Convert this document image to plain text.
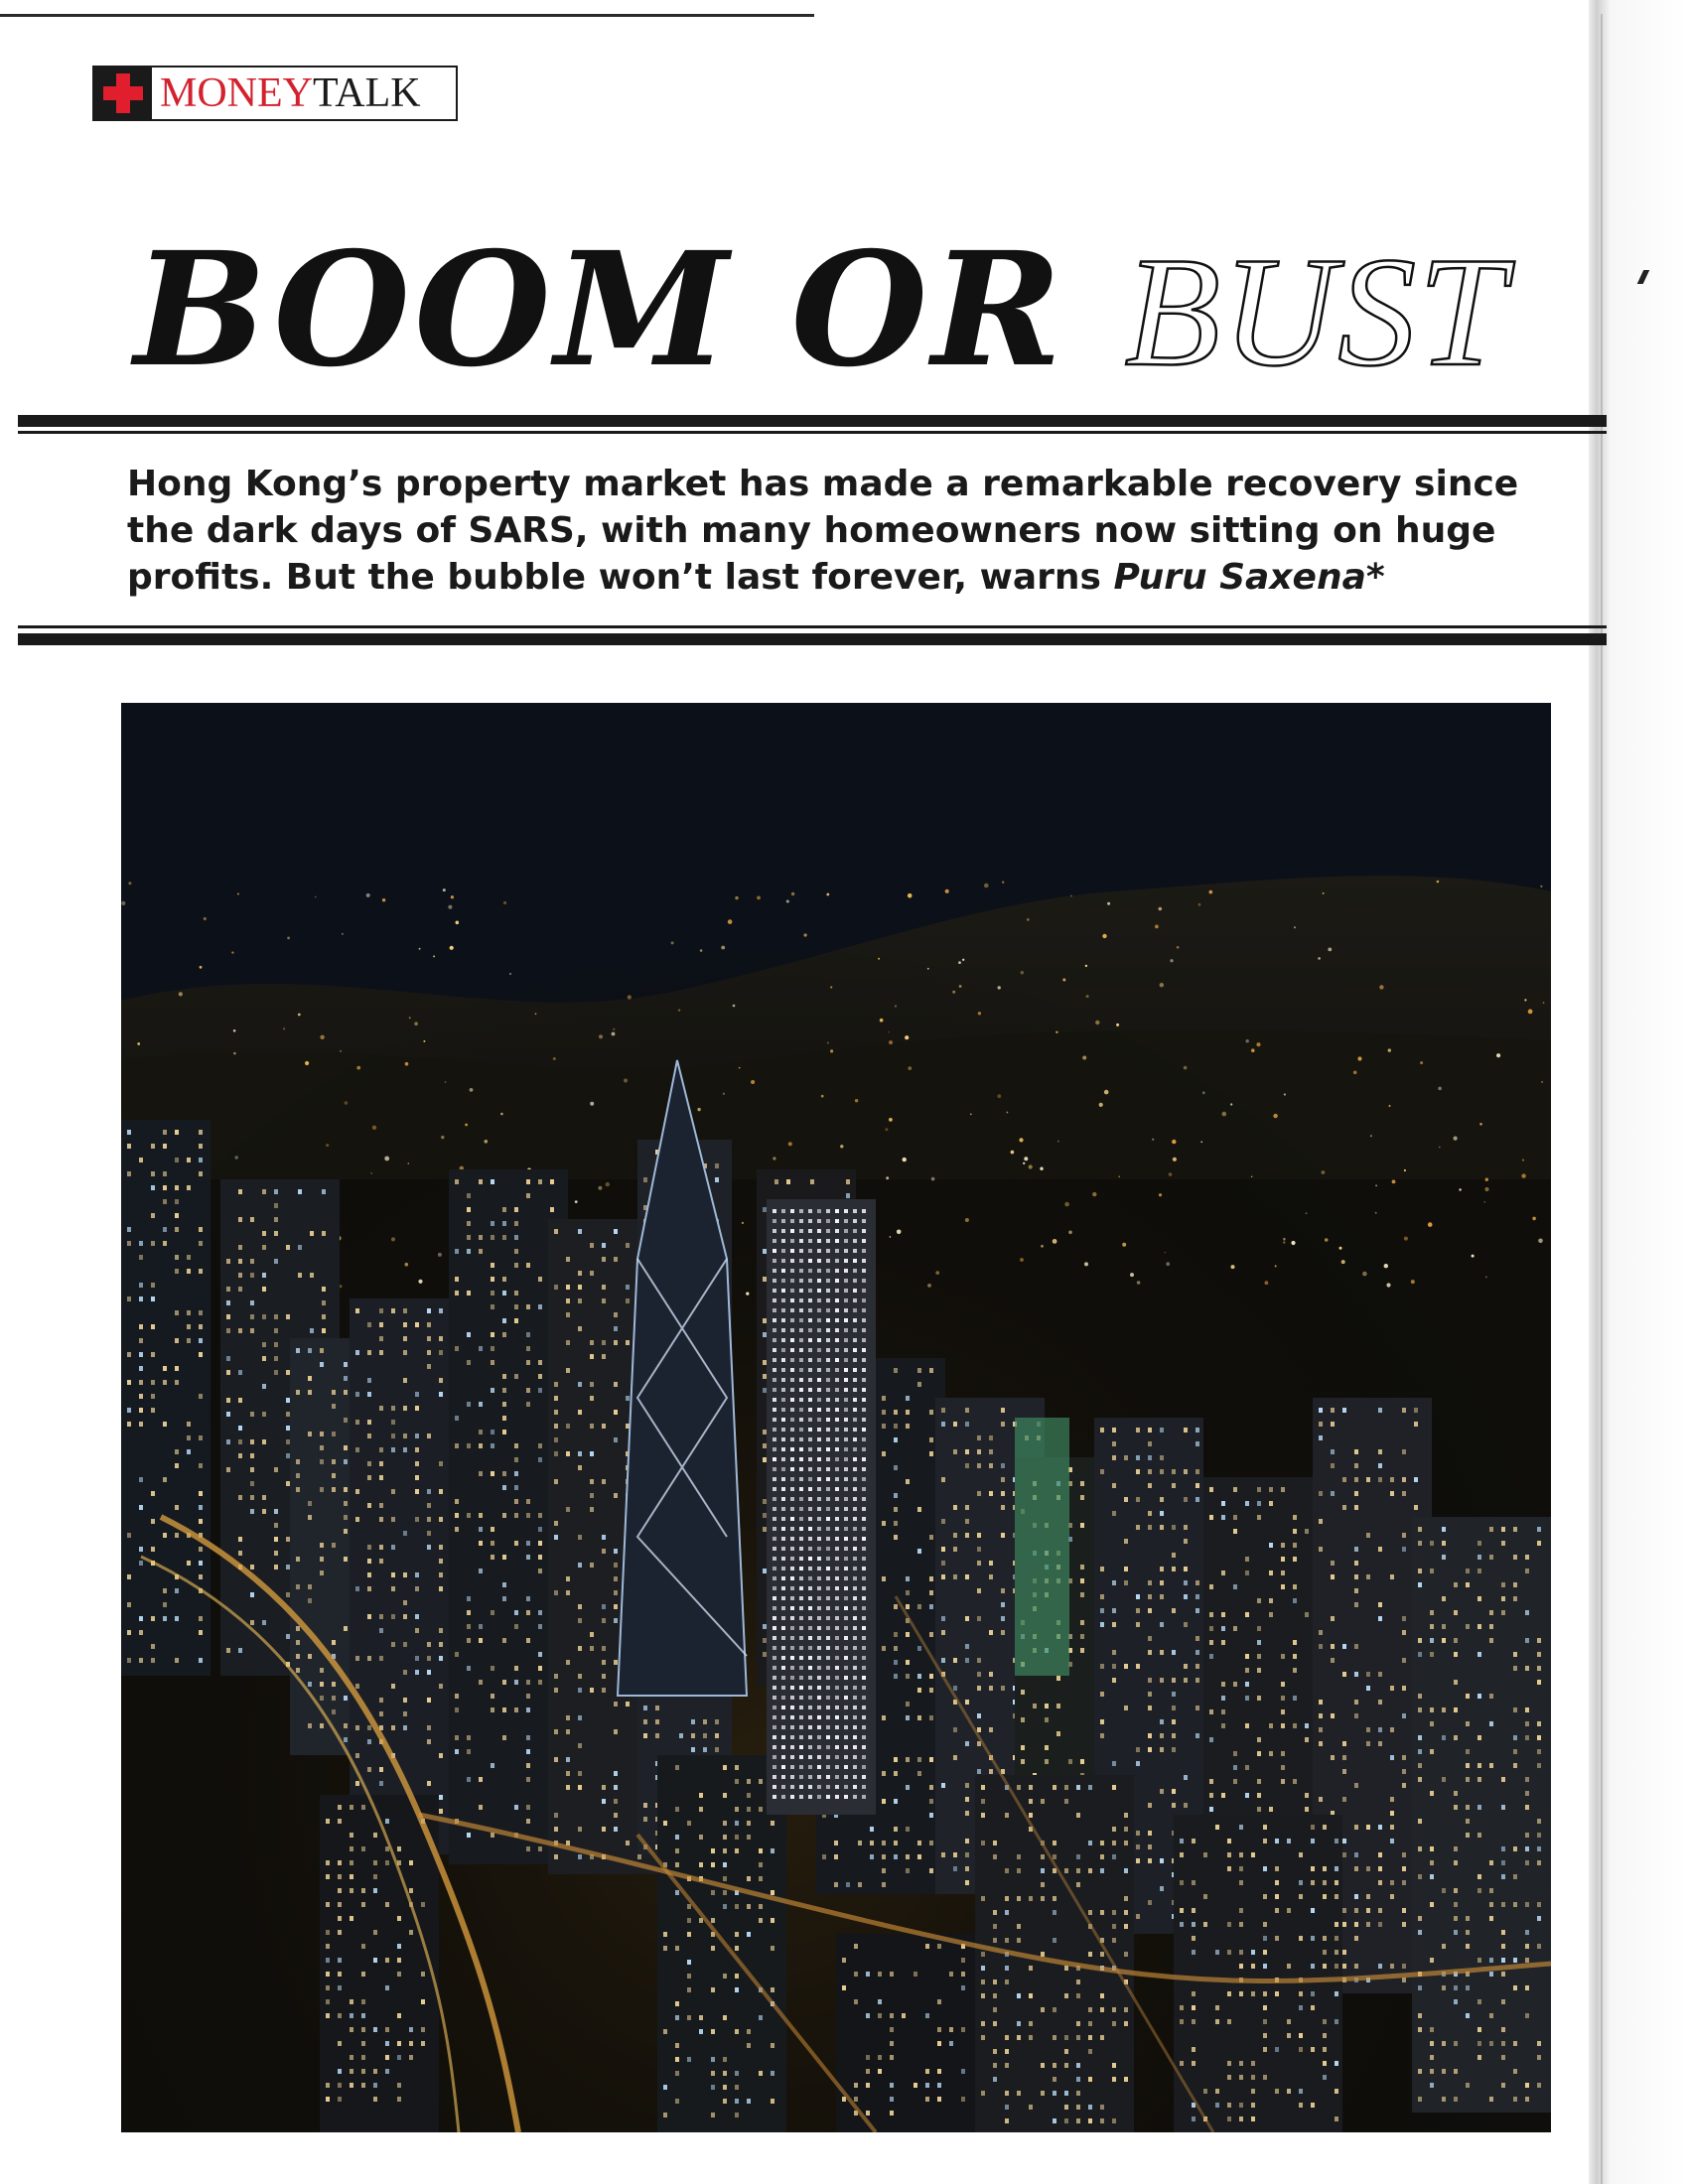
MONEYTALK
BOOM OR BUST

Hong Kong’s property market has made a remarkable recovery since the dark days of SARS, with many homeowners now sitting on huge profits. But the bubble won’t last forever, warns Puru Saxena*
